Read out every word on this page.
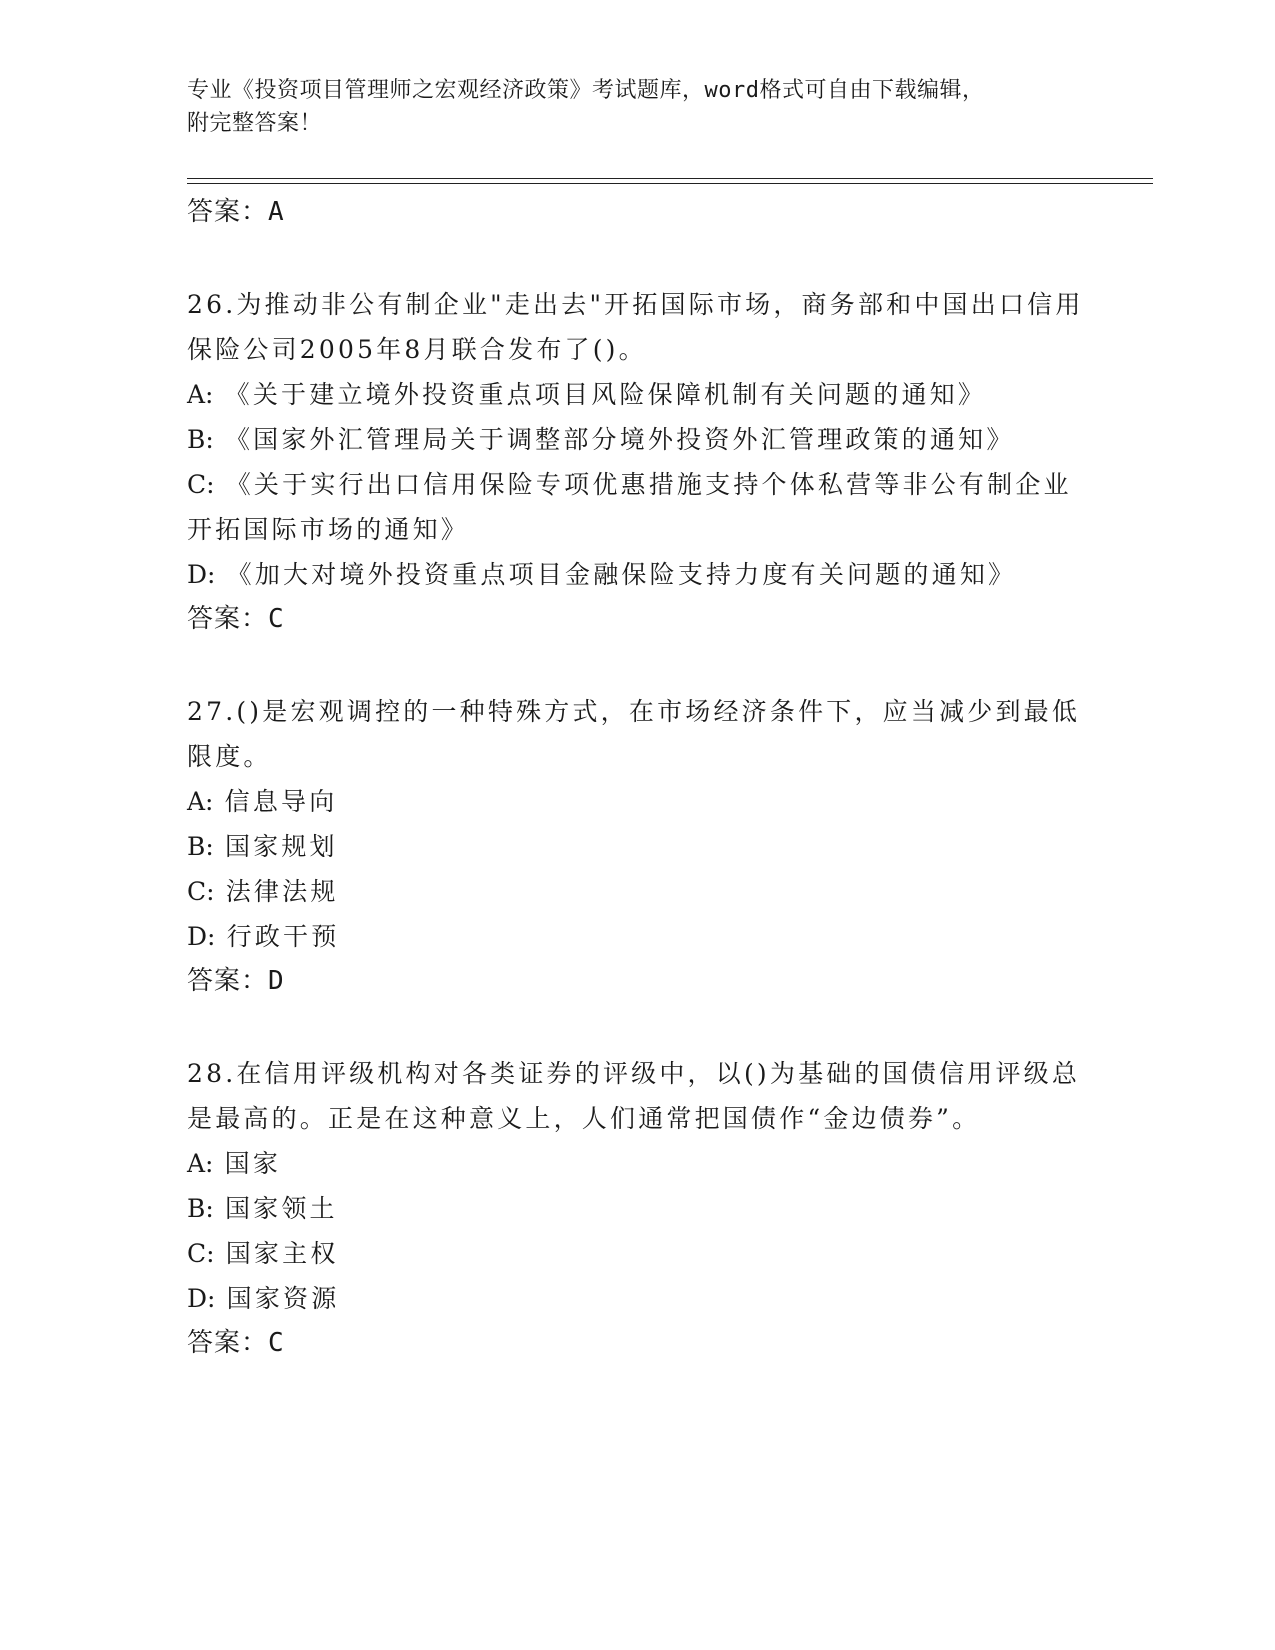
专业《投资项目管理师之宏观经济政策》考试题库，word格式可自由下载编辑，
附完整答案！
答案：A

26.为推动非公有制企业"走出去"开拓国际市场，商务部和中国出口信用保险公司2005年8月联合发布了()。

A: 《关于建立境外投资重点项目风险保障机制有关问题的通知》

B: 《国家外汇管理局关于调整部分境外投资外汇管理政策的通知》

C: 《关于实行出口信用保险专项优惠措施支持个体私营等非公有制企业开拓国际市场的通知》

D: 《加大对境外投资重点项目金融保险支持力度有关问题的通知》

答案：C

27.()是宏观调控的一种特殊方式，在市场经济条件下，应当减少到最低限度。

A: 信息导向

B: 国家规划

C: 法律法规

D: 行政干预

答案：D

28.在信用评级机构对各类证券的评级中，以()为基础的国债信用评级总是最高的。正是在这种意义上，人们通常把国债作“金边债券”。

A: 国家

B: 国家领土

C: 国家主权

D: 国家资源

答案：C
